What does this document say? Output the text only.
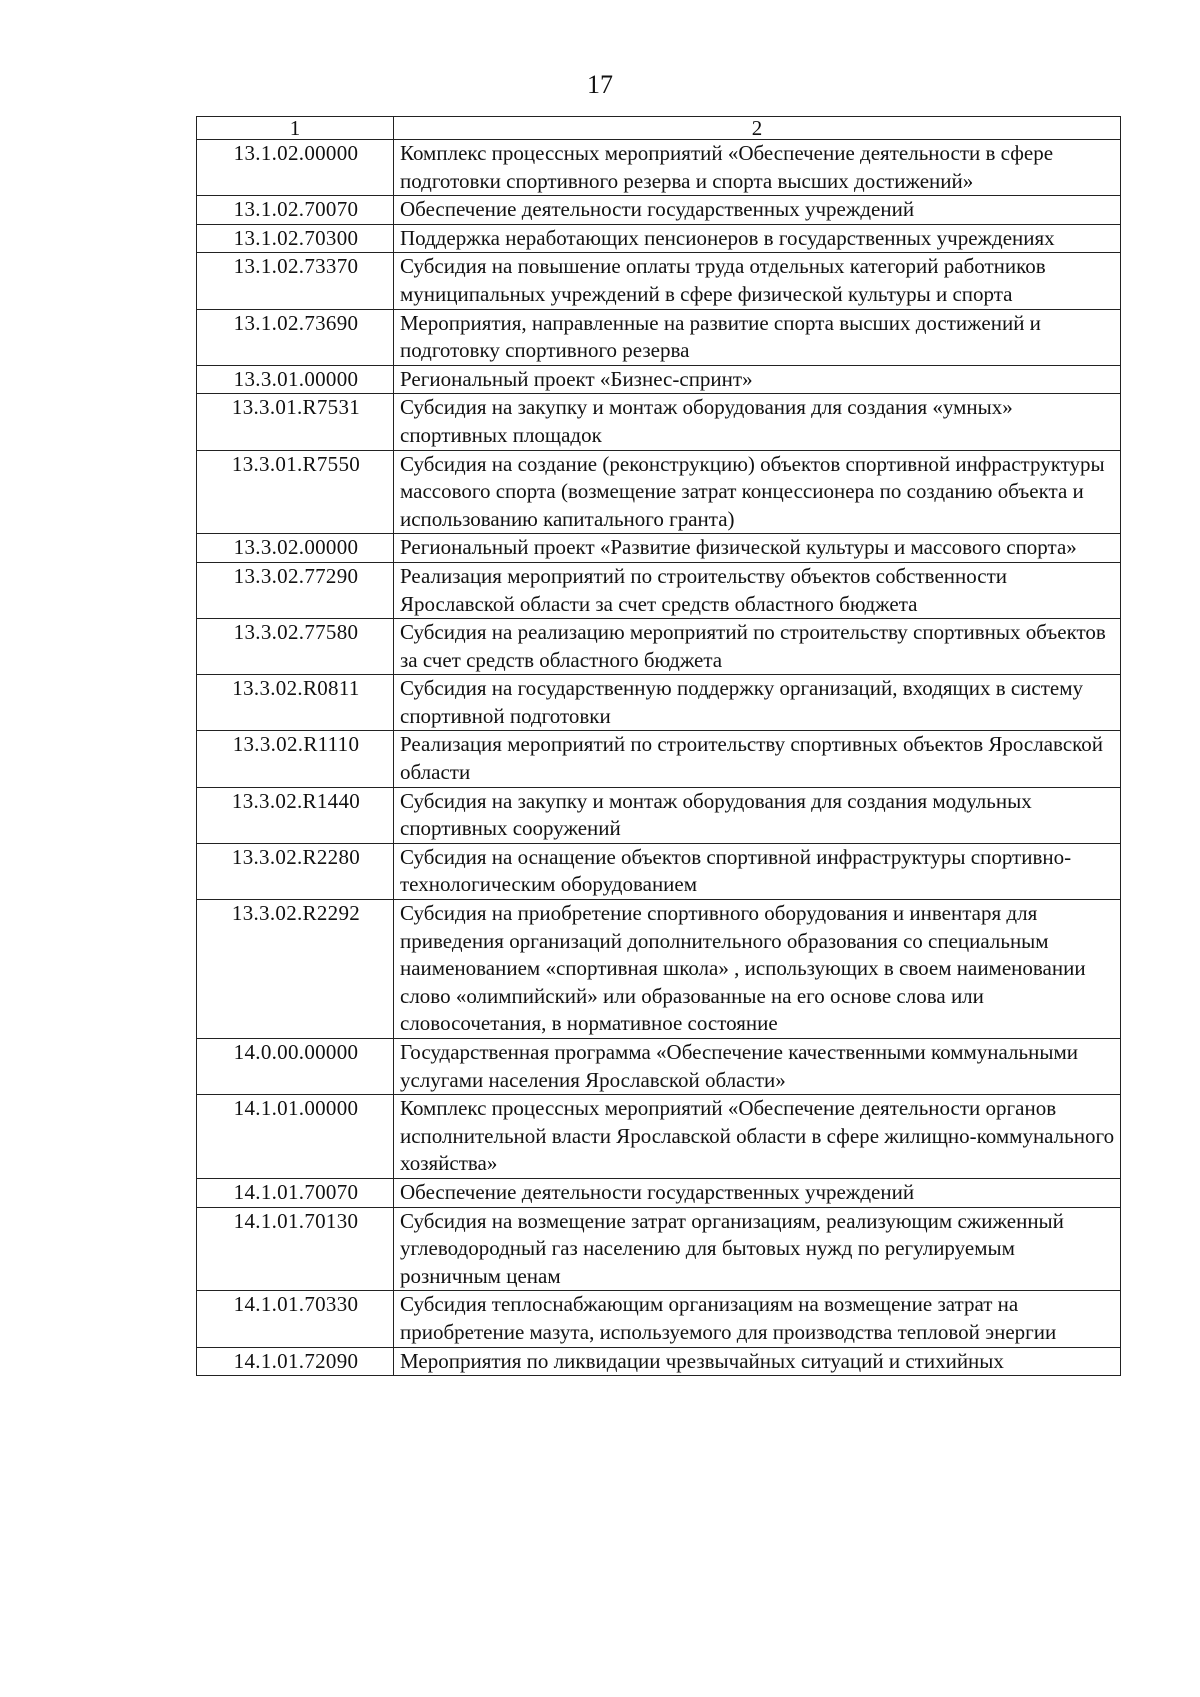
17
1	2
13.1.02.00000	Комплекс процессных мероприятий «Обеспечение деятельности в сфере подготовки спортивного резерва и спорта высших достижений»
13.1.02.70070	Обеспечение деятельности государственных учреждений
13.1.02.70300	Поддержка неработающих пенсионеров в государственных учреждениях
13.1.02.73370	Субсидия на повышение оплаты труда отдельных категорий работников муниципальных учреждений в сфере физической культуры и спорта
13.1.02.73690	Мероприятия, направленные на развитие спорта высших достижений и подготовку спортивного резерва
13.3.01.00000	Региональный проект «Бизнес-спринт»
13.3.01.R7531	Субсидия на закупку и монтаж оборудования для создания «умных» спортивных площадок
13.3.01.R7550	Субсидия на создание (реконструкцию) объектов спортивной инфраструктуры массового спорта (возмещение затрат концессионера по созданию объекта и использованию капитального гранта)
13.3.02.00000	Региональный проект «Развитие физической культуры и массового спорта»
13.3.02.77290	Реализация мероприятий по строительству объектов собственности Ярославской области за счет средств областного бюджета
13.3.02.77580	Субсидия на реализацию мероприятий по строительству спортивных объектов за счет средств областного бюджета
13.3.02.R0811	Субсидия на государственную поддержку организаций, входящих в систему спортивной подготовки
13.3.02.R1110	Реализация мероприятий по строительству спортивных объектов Ярославской области
13.3.02.R1440	Субсидия на закупку и монтаж оборудования для создания модульных спортивных сооружений
13.3.02.R2280	Субсидия на оснащение объектов спортивной инфраструктуры спортивно-технологическим оборудованием
13.3.02.R2292	Субсидия на приобретение спортивного оборудования и инвентаря для приведения организаций дополнительного образования со специальным наименованием «спортивная школа» , использующих в своем наименовании слово «олимпийский» или образованные на его основе слова или словосочетания, в нормативное состояние
14.0.00.00000	Государственная программа «Обеспечение качественными коммунальными услугами населения Ярославской области»
14.1.01.00000	Комплекс процессных мероприятий «Обеспечение деятельности органов исполнительной власти Ярославской области в сфере жилищно-коммунального хозяйства»
14.1.01.70070	Обеспечение деятельности государственных учреждений
14.1.01.70130	Субсидия на возмещение затрат организациям, реализующим сжиженный углеводородный газ населению для бытовых нужд по регулируемым розничным ценам
14.1.01.70330	Субсидия теплоснабжающим организациям на возмещение затрат на приобретение мазута, используемого для производства тепловой энергии
14.1.01.72090	Мероприятия по ликвидации чрезвычайных ситуаций и стихийных
